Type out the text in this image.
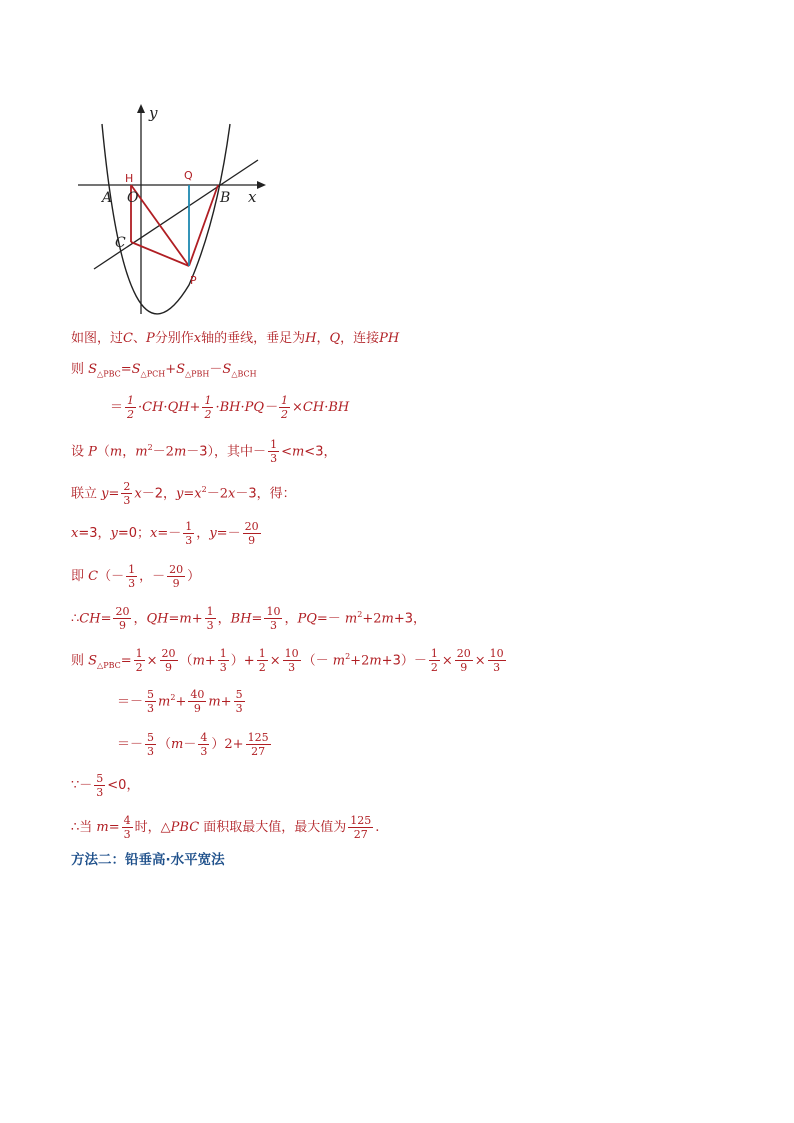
y
x
A O	B
C
H	Q
P
如图，过C、P分别作x轴的垂线，垂足为H，Q，连接PH
则 $S_{\triangle PBC}=S_{\triangle PCH}+S_{\triangle PBH}-S_{\triangle BCH}$
＝ $\frac{1}{2} \cdot CH\cdot QH+ \frac{1}{2} \cdot BH\cdot PQ- \frac{1}{2} \times CH\cdot BH$
设 P（m，$m^2-2m-3$），其中－ $\frac{1}{3} <m<3$，
联立 $y= \frac{2}{3} x-2$，$y=x^2-2x-3$，得：
x=3，y=0；$x=- \frac{1}{3}$ ，$y=- \frac{20}{9}$
即 $C(- \frac{1}{3}$ ，－ $\frac{20}{9}$ ）
∴CH= $\frac{20}{9}$ ，$QH=m+ \frac{1}{3}$ ，$BH= \frac{10}{3}$ ，$PQ=- m^2+2m+3$，
则 $S_{\triangle PBC}= \frac{1}{2} \times \frac{20}{9} (m+ \frac{1}{3}$ ）+ $\frac{1}{2} \times \frac{10}{3}$ （－ $m^2+2m+3)- \frac{1}{2} \times \frac{20}{9} \times \frac{10}{3}$
＝－ $\frac{5}{3} m^2+ \frac{40}{9} m+ \frac{5}{3}$
＝－ $\frac{5}{3} (m- \frac{4}{3} )2+ \frac{125}{27}$
∵－ $\frac{5}{3} <0$，
∴当 $m= \frac{4}{3}$ 时，△PBC 面积取最大值，最大值为 $\frac{125}{27}$ .
方法二：铅垂高·水平宽法
